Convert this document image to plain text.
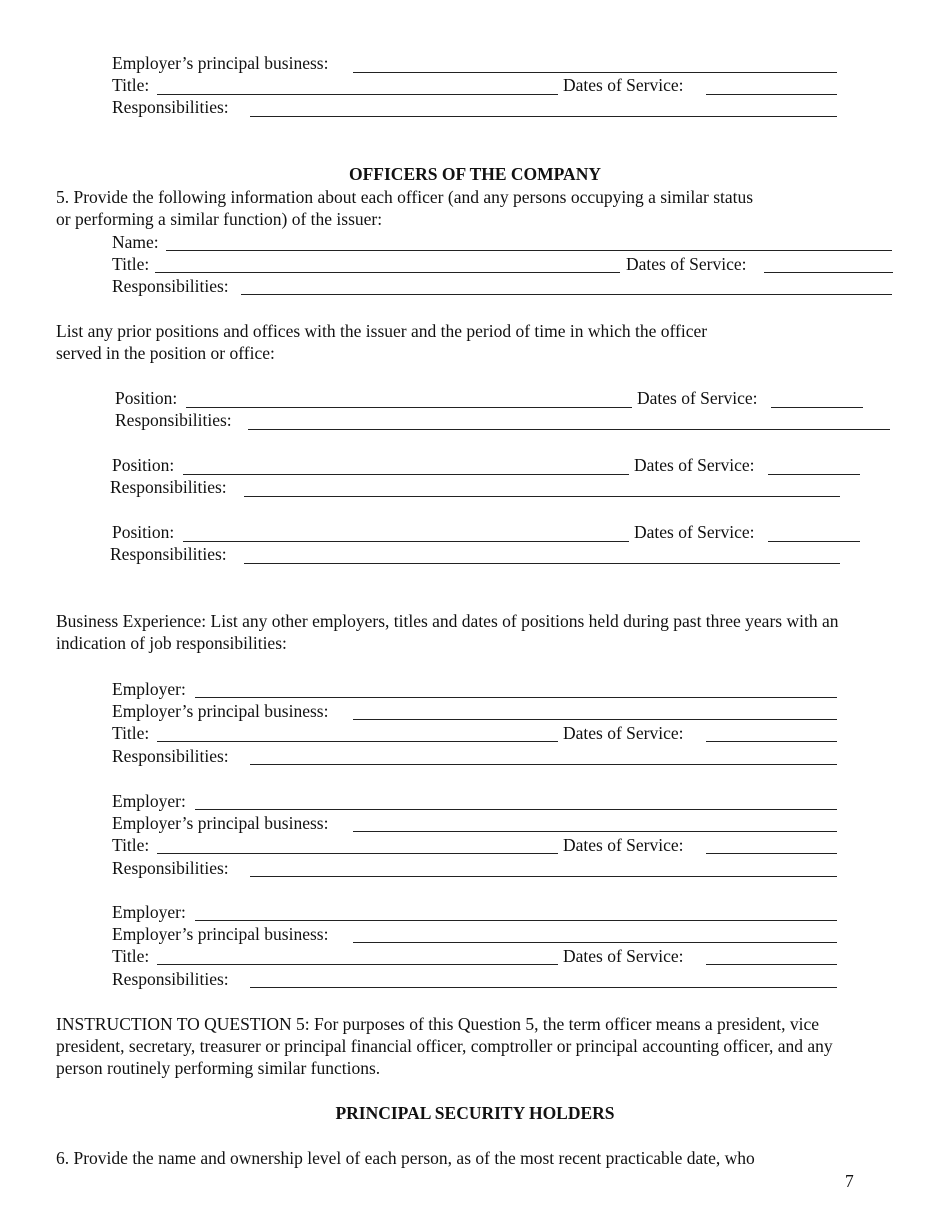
Employer’s principal business:
Title:	Dates of Service:
Responsibilities:
OFFICERS OF THE COMPANY
5. Provide the following information about each officer (and any persons occupying a similar status
or performing a similar function) of the issuer:
Name:
Title:	Dates of Service:
Responsibilities:
List any prior positions and offices with the issuer and the period of time in which the officer
served in the position or office:
Position:	Dates of Service:
Responsibilities:
Position:	Dates of Service:
Responsibilities:
Position:	Dates of Service:
Responsibilities:
Business Experience: List any other employers, titles and dates of positions held during past three years with an
indication of job responsibilities:
Employer:
Employer’s principal business:
Title:	Dates of Service:
Responsibilities:
Employer:
Employer’s principal business:
Title:	Dates of Service:
Responsibilities:
Employer:
Employer’s principal business:
Title:	Dates of Service:
Responsibilities:
INSTRUCTION TO QUESTION 5: For purposes of this Question 5, the term officer means a president, vice
president, secretary, treasurer or principal financial officer, comptroller or principal accounting officer, and any
person routinely performing similar functions.
PRINCIPAL SECURITY HOLDERS
6. Provide the name and ownership level of each person, as of the most recent practicable date, who
7
